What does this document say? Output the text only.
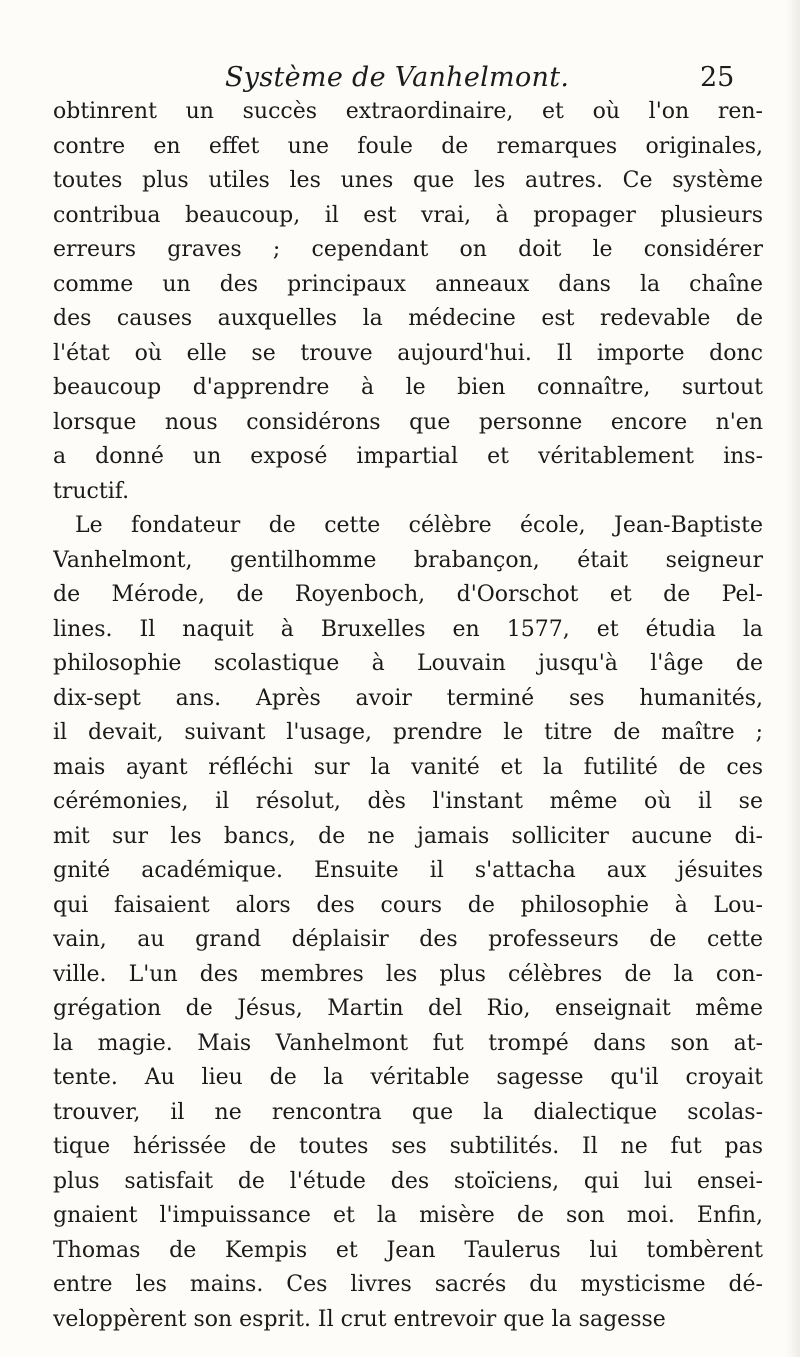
Système de Vanhelmont.	25
obtinrent un succès extraordinaire, et où l'on ren-
contre en effet une foule de remarques originales,
toutes plus utiles les unes que les autres. Ce système
contribua beaucoup, il est vrai, à propager plusieurs
erreurs graves ; cependant on doit le considérer
comme un des principaux anneaux dans la chaîne
des causes auxquelles la médecine est redevable de
l'état où elle se trouve aujourd'hui. Il importe donc
beaucoup d'apprendre à le bien connaître, surtout
lorsque nous considérons que personne encore n'en
a donné un exposé impartial et véritablement ins-
tructif.
Le fondateur de cette célèbre école, Jean-Baptiste
Vanhelmont, gentilhomme brabançon, était seigneur
de Mérode, de Royenboch, d'Oorschot et de Pel-
lines. Il naquit à Bruxelles en 1577, et étudia la
philosophie scolastique à Louvain jusqu'à l'âge de
dix-sept ans. Après avoir terminé ses humanités,
il devait, suivant l'usage, prendre le titre de maître ;
mais ayant réfléchi sur la vanité et la futilité de ces
cérémonies, il résolut, dès l'instant même où il se
mit sur les bancs, de ne jamais solliciter aucune di-
gnité académique. Ensuite il s'attacha aux jésuites
qui faisaient alors des cours de philosophie à Lou-
vain, au grand déplaisir des professeurs de cette
ville. L'un des membres les plus célèbres de la con-
grégation de Jésus, Martin del Rio, enseignait même
la magie. Mais Vanhelmont fut trompé dans son at-
tente. Au lieu de la véritable sagesse qu'il croyait
trouver, il ne rencontra que la dialectique scolas-
tique hérissée de toutes ses subtilités. Il ne fut pas
plus satisfait de l'étude des stoïciens, qui lui ensei-
gnaient l'impuissance et la misère de son moi. Enfin,
Thomas de Kempis et Jean Taulerus lui tombèrent
entre les mains. Ces livres sacrés du mysticisme dé-
veloppèrent son esprit. Il crut entrevoir que la sagesse
